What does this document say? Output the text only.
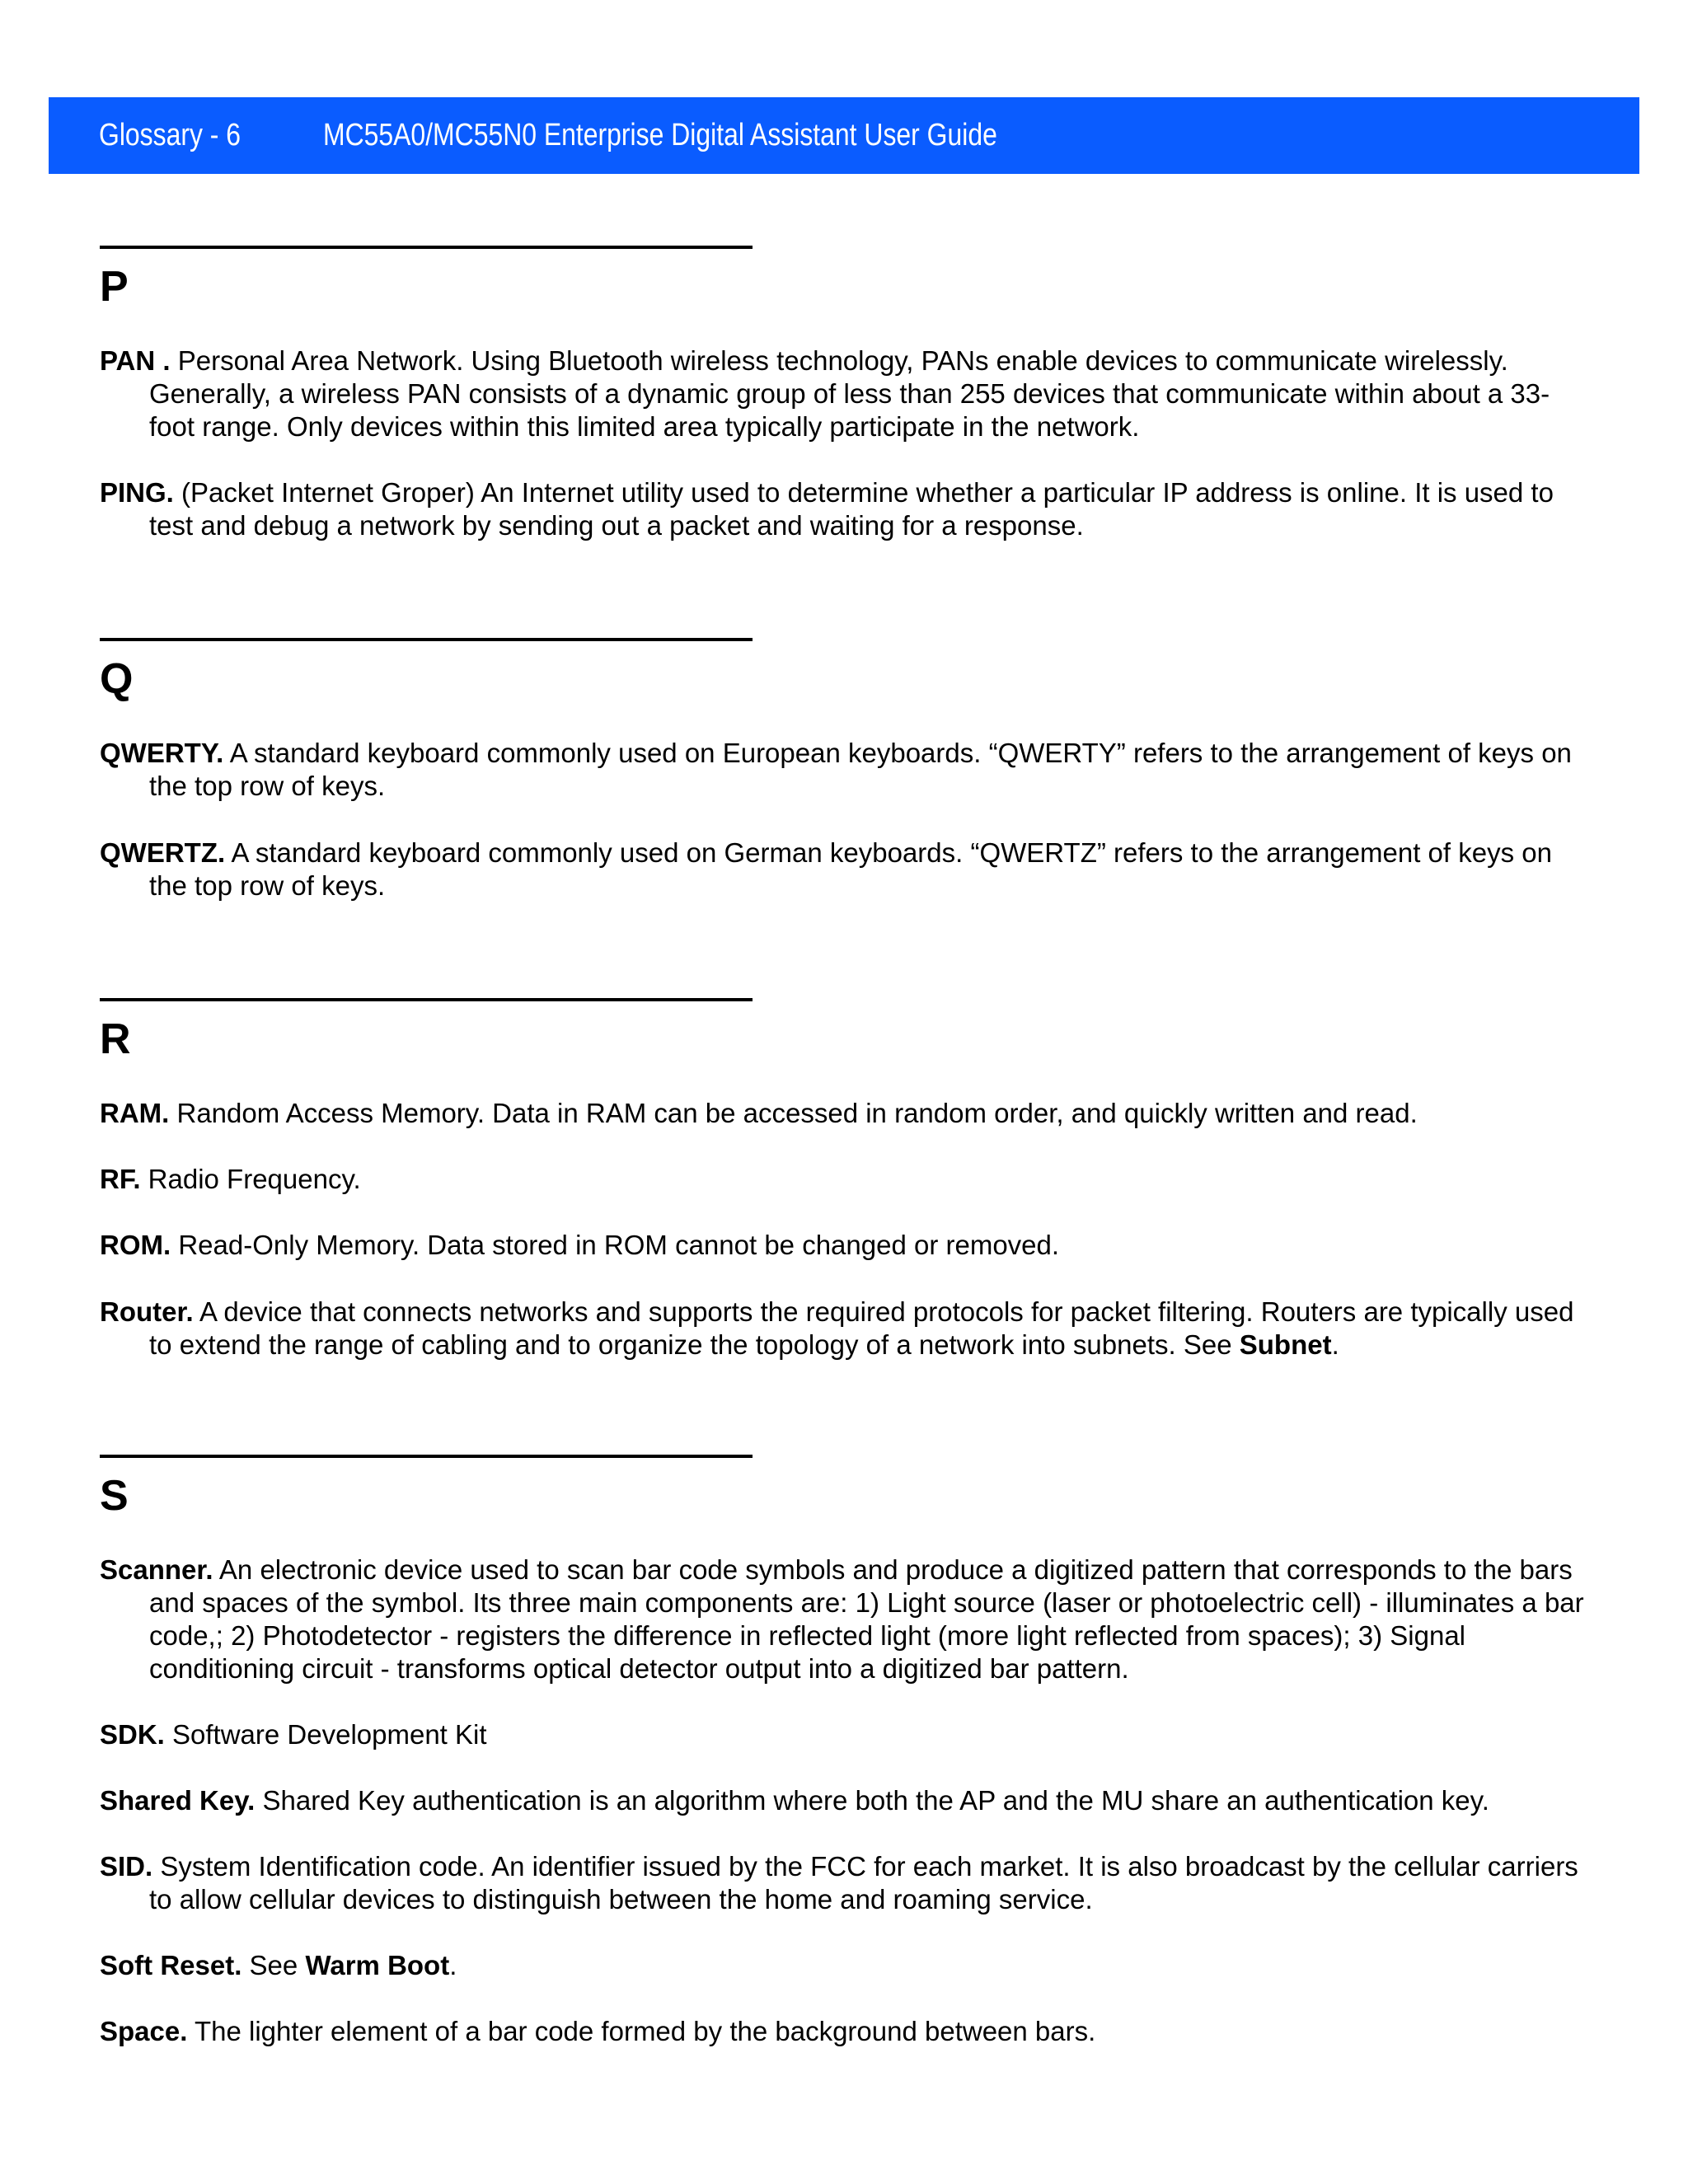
Glossary - 6	MC55A0/MC55N0 Enterprise Digital Assistant User Guide
P

PAN . Personal Area Network. Using Bluetooth wireless technology, PANs enable devices to communicate wirelessly. Generally, a wireless PAN consists of a dynamic group of less than 255 devices that communicate within about a 33-foot range. Only devices within this limited area typically participate in the network.

PING. (Packet Internet Groper) An Internet utility used to determine whether a particular IP address is online. It is used to test and debug a network by sending out a packet and waiting for a response.

Q

QWERTY. A standard keyboard commonly used on European keyboards. “QWERTY” refers to the arrangement of keys on the top row of keys.

QWERTZ. A standard keyboard commonly used on German keyboards. “QWERTZ” refers to the arrangement of keys on the top row of keys.

R

RAM. Random Access Memory. Data in RAM can be accessed in random order, and quickly written and read.

RF. Radio Frequency.

ROM. Read-Only Memory. Data stored in ROM cannot be changed or removed.

Router. A device that connects networks and supports the required protocols for packet filtering. Routers are typically used to extend the range of cabling and to organize the topology of a network into subnets. See Subnet.

S

Scanner. An electronic device used to scan bar code symbols and produce a digitized pattern that corresponds to the bars and spaces of the symbol. Its three main components are: 1) Light source (laser or photoelectric cell) - illuminates a bar code,; 2) Photodetector - registers the difference in reflected light (more light reflected from spaces); 3) Signal conditioning circuit - transforms optical detector output into a digitized bar pattern.

SDK. Software Development Kit

Shared Key. Shared Key authentication is an algorithm where both the AP and the MU share an authentication key.

SID. System Identification code. An identifier issued by the FCC for each market. It is also broadcast by the cellular carriers to allow cellular devices to distinguish between the home and roaming service.

Soft Reset. See Warm Boot.

Space. The lighter element of a bar code formed by the background between bars.
